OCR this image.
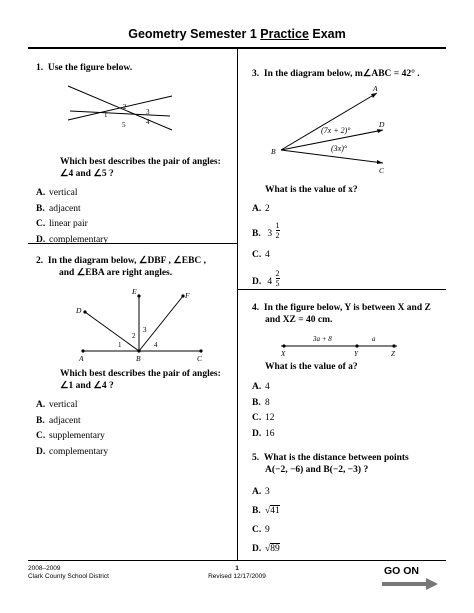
Geometry Semester 1 Practice Exam
1. Use the figure below.
1
2
3
4
5
Which best describes the pair of angles:
∠4 and ∠5 ?
A. vertical
B. adjacent
C. linear pair
D. complementary
2. In the diagram below, ∠DBF , ∠EBC ,
and ∠EBA are right angles.
E	F
D
A	B	C
1
2
3
4
Which best describes the pair of angles:
∠1 and ∠4 ?
A. vertical
B. adjacent
C. supplementary
D. complementary
3. In the diagram below, m∠ABC = 42° .
A
B
C
D
(7x + 2)°
(3x)°
What is the value of x?
A. 2
B. $3 \frac{1}{2}$
C. 4
D. $4 \frac{2}{5}$
4. In the figure below, Y is between X and Z
and XZ = 40 cm.
3a + 8	a
X	Y	Z
What is the value of a?
A. 4
B. 8
C. 12
D. 16
5. What is the distance between points
A(−2, −6) and B(−2, −3) ?
A. 3
B. √41
C. 9
D. √89
2008–2009
Clark County School District
1
Revised 12/17/2009	GO ON
